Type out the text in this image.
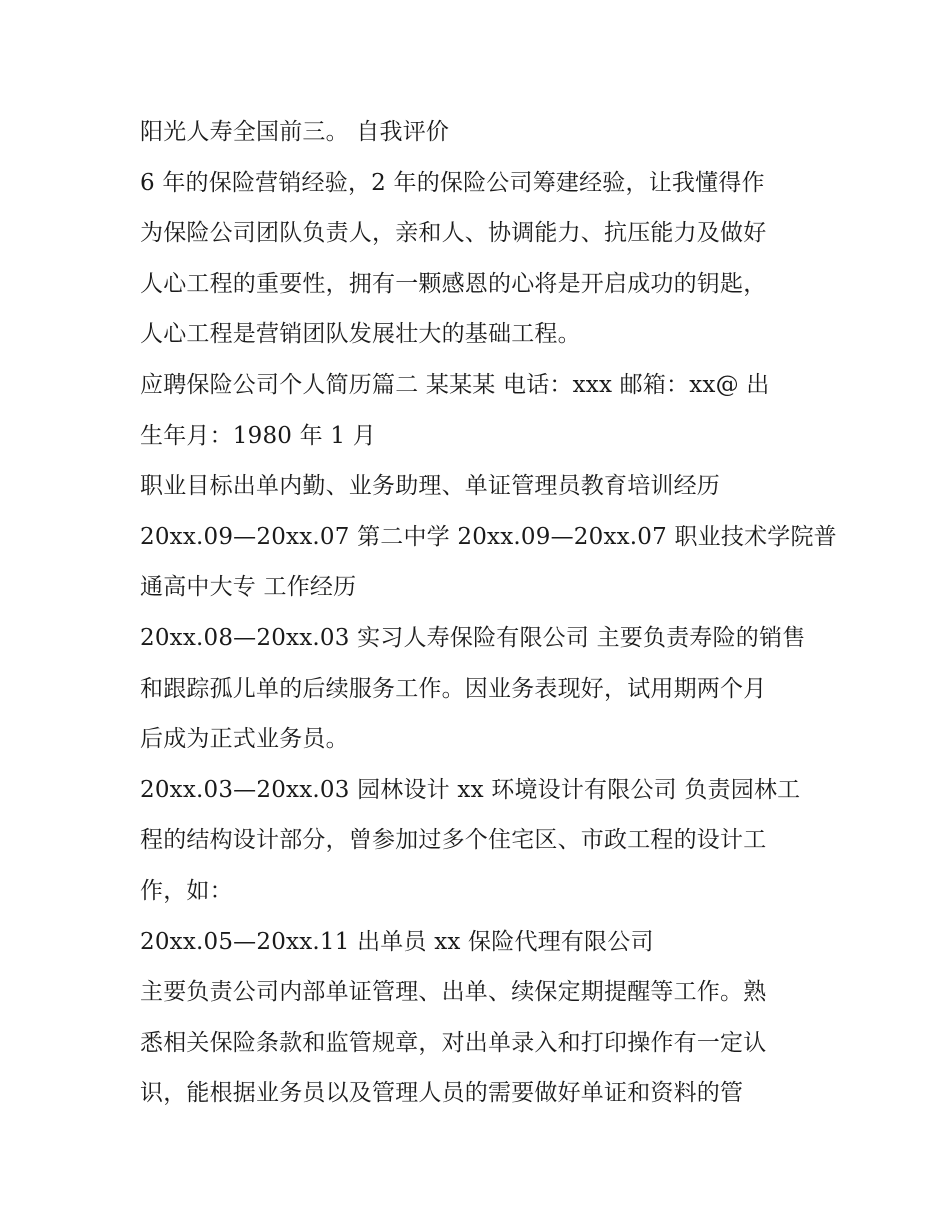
阳光人寿全国前三。 自我评价
6 年的保险营销经验，2 年的保险公司筹建经验，让我懂得作
为保险公司团队负责人，亲和人、协调能力、抗压能力及做好
人心工程的重要性，拥有一颗感恩的心将是开启成功的钥匙，
人心工程是营销团队发展壮大的基础工程。
应聘保险公司个人简历篇二 某某某 电话：xxx 邮箱：xx@ 出
生年月：1980 年 1 月
职业目标出单内勤、业务助理、单证管理员教育培训经历
20xx.09—20xx.07 第二中学 20xx.09—20xx.07 职业技术学院普
通高中大专 工作经历
20xx.08—20xx.03 实习人寿保险有限公司 主要负责寿险的销售
和跟踪孤儿单的后续服务工作。因业务表现好，试用期两个月
后成为正式业务员。
20xx.03—20xx.03 园林设计 xx 环境设计有限公司 负责园林工
程的结构设计部分，曾参加过多个住宅区、市政工程的设计工
作，如：
20xx.05—20xx.11 出单员 xx 保险代理有限公司
主要负责公司内部单证管理、出单、续保定期提醒等工作。熟
悉相关保险条款和监管规章，对出单录入和打印操作有一定认
识，能根据业务员以及管理人员的需要做好单证和资料的管
